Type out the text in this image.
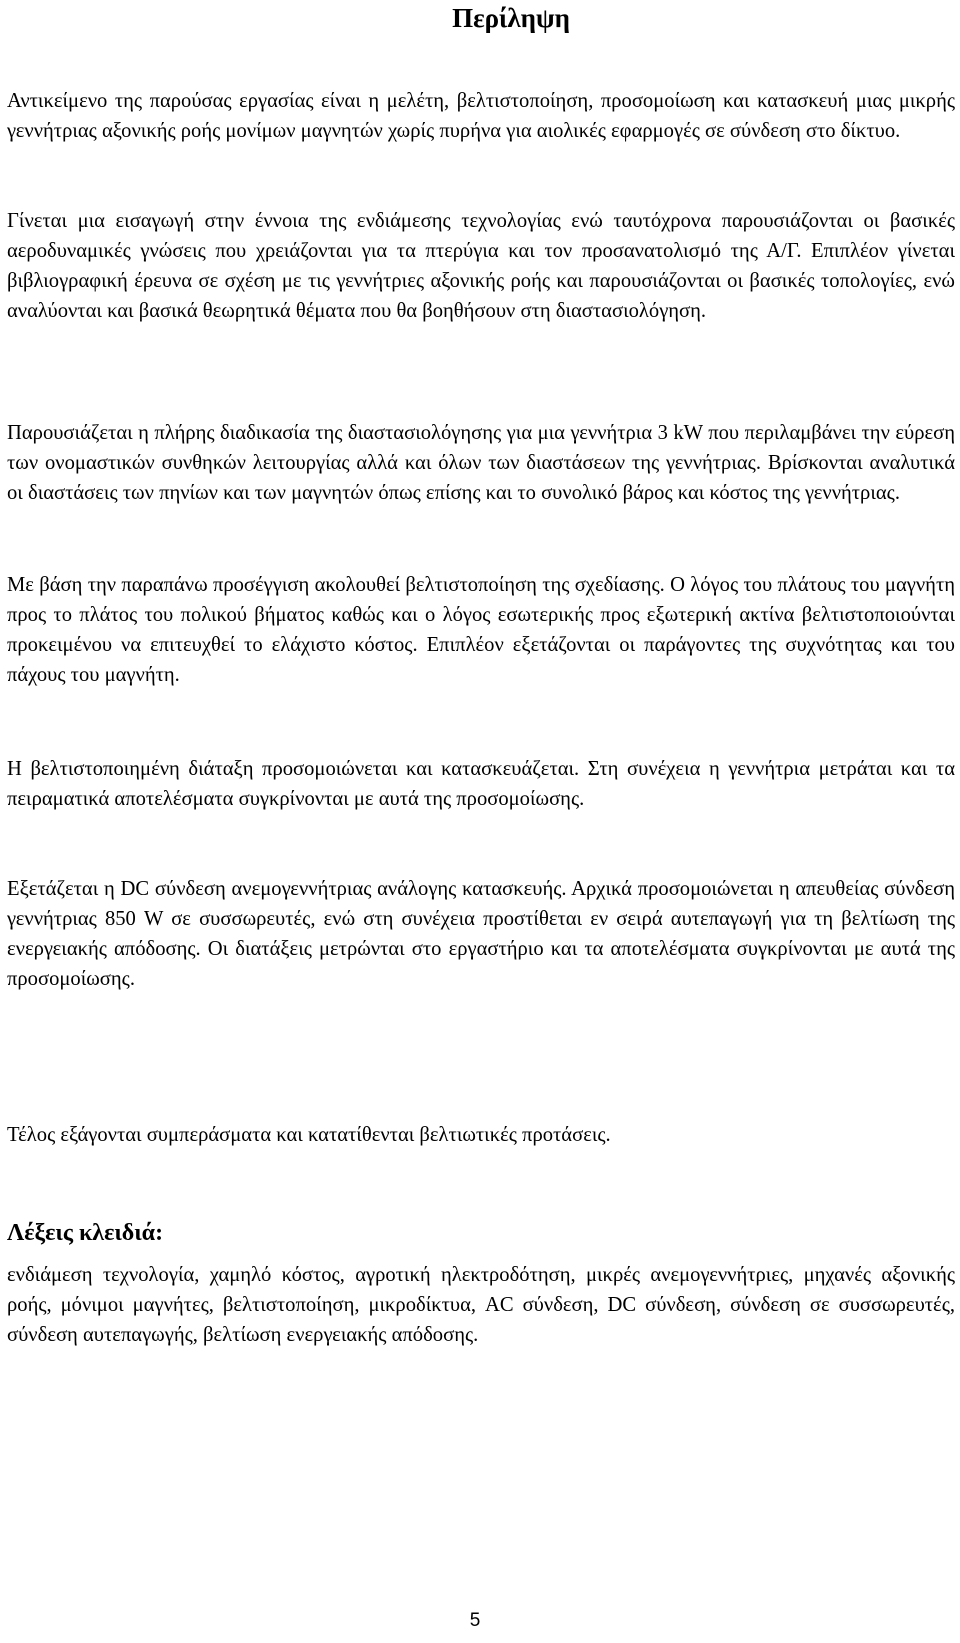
Περίληψη

Αντικείμενο της παρούσας εργασίας είναι η μελέτη, βελτιστοποίηση, προσομοίωση και κατασκευή μιας μικρής γεννήτριας αξονικής ροής μονίμων μαγνητών χωρίς πυρήνα για αιολικές εφαρμογές σε σύνδεση στο δίκτυο.

Γίνεται μια εισαγωγή στην έννοια της ενδιάμεσης τεχνολογίας ενώ ταυτόχρονα παρουσιάζονται οι βασικές αεροδυναμικές γνώσεις που χρειάζονται για τα πτερύγια και τον προσανατολισμό της Α/Γ. Επιπλέον γίνεται βιβλιογραφική έρευνα σε σχέση με τις γεννήτριες αξονικής ροής και παρουσιάζονται οι βασικές τοπολογίες, ενώ αναλύονται και βασικά θεωρητικά θέματα που θα βοηθήσουν στη διαστασιολόγηση.

Παρουσιάζεται η πλήρης διαδικασία της διαστασιολόγησης για μια γεννήτρια 3 kW που περιλαμβάνει την εύρεση των ονομαστικών συνθηκών λειτουργίας αλλά και όλων των διαστάσεων της γεννήτριας. Βρίσκονται αναλυτικά οι διαστάσεις των πηνίων και των μαγνητών όπως επίσης και το συνολικό βάρος και κόστος της γεννήτριας.

Με βάση την παραπάνω προσέγγιση ακολουθεί βελτιστοποίηση της σχεδίασης. Ο λόγος του πλάτους του μαγνήτη προς το πλάτος του πολικού βήματος καθώς και ο λόγος εσωτερικής προς εξωτερική ακτίνα βελτιστοποιούνται προκειμένου να επιτευχθεί το ελάχιστο κόστος. Επιπλέον εξετάζονται οι παράγοντες της συχνότητας και του πάχους του μαγνήτη.

Η βελτιστοποιημένη διάταξη προσομοιώνεται και κατασκευάζεται. Στη συνέχεια η γεννήτρια μετράται και τα πειραματικά αποτελέσματα συγκρίνονται με αυτά της προσομοίωσης.

Εξετάζεται η DC σύνδεση ανεμογεννήτριας ανάλογης κατασκευής. Αρχικά προσομοιώνεται η απευθείας σύνδεση γεννήτριας 850 W σε συσσωρευτές, ενώ στη συνέχεια προστίθεται εν σειρά αυτεπαγωγή για τη βελτίωση της ενεργειακής απόδοσης. Οι διατάξεις μετρώνται στο εργαστήριο και τα αποτελέσματα συγκρίνονται με αυτά της προσομοίωσης.

Τέλος εξάγονται συμπεράσματα και κατατίθενται βελτιωτικές προτάσεις.

Λέξεις κλειδιά:

ενδιάμεση τεχνολογία, χαμηλό κόστος, αγροτική ηλεκτροδότηση, μικρές ανεμογεννήτριες, μηχανές αξονικής ροής, μόνιμοι μαγνήτες, βελτιστοποίηση, μικροδίκτυα, AC σύνδεση, DC σύνδεση, σύνδεση σε συσσωρευτές, σύνδεση αυτεπαγωγής, βελτίωση ενεργειακής απόδοσης.

5
